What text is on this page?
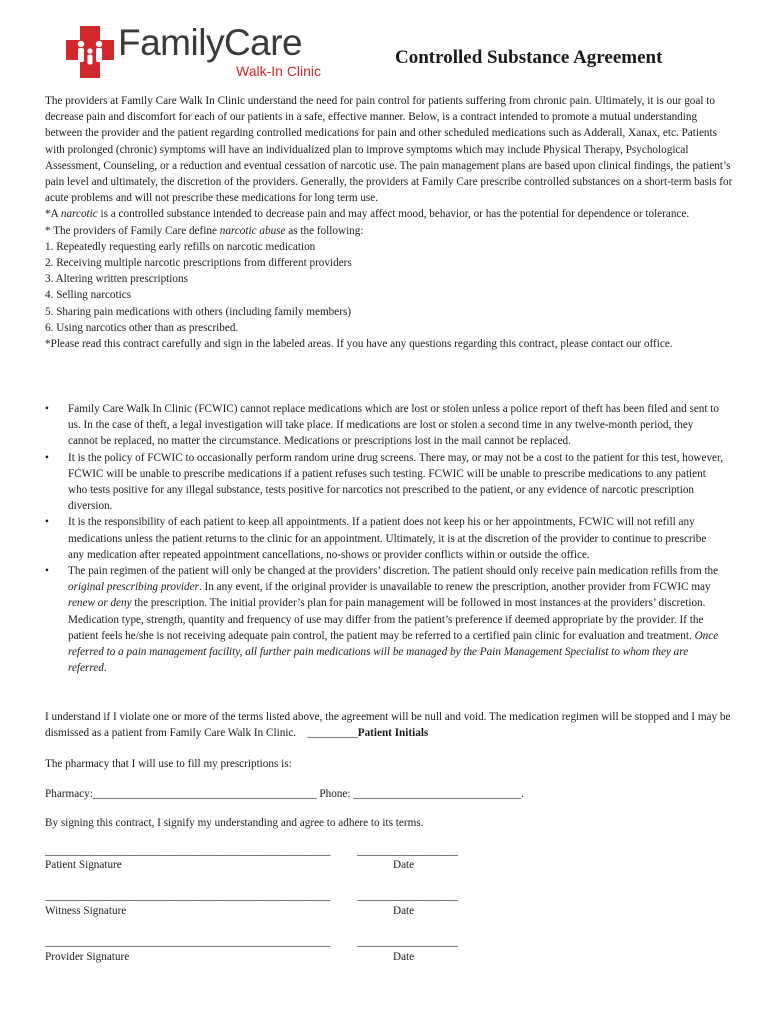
FamilyCare
Walk-In Clinic
Controlled Substance Agreement

The providers at Family Care Walk In Clinic understand the need for pain control for patients suffering from chronic pain. Ultimately, it is our goal to decrease pain and discomfort for each of our patients in a safe, effective manner. Below, is a contract intended to promote a mutual understanding between the provider and the patient regarding controlled medications for pain and other scheduled medications such as Adderall, Xanax, etc. Patients with prolonged (chronic) symptoms will have an individualized plan to improve symptoms which may include Physical Therapy, Psychological Assessment, Counseling, or a reduction and eventual cessation of narcotic use. The pain management plans are based upon clinical findings, the patient’s pain level and ultimately, the discretion of the providers. Generally, the providers at Family Care prescribe controlled substances on a short-term basis for acute problems and will not prescribe these medications for long term use.

*A narcotic is a controlled substance intended to decrease pain and may affect mood, behavior, or has the potential for dependence or tolerance.

* The providers of Family Care define narcotic abuse as the following:

1. Repeatedly requesting early refills on narcotic medication

2. Receiving multiple narcotic prescriptions from different providers

3. Altering written prescriptions

4. Selling narcotics

5. Sharing pain medications with others (including family members)

6. Using narcotics other than as prescribed.

*Please read this contract carefully and sign in the labeled areas. If you have any questions regarding this contract, please contact our office.

•	Family Care Walk In Clinic (FCWIC) cannot replace medications which are lost or stolen unless a police report of theft has been filed and sent to us. In the case of theft, a legal investigation will take place. If medications are lost or stolen a second time in any twelve-month period, they cannot be replaced, no matter the circumstance. Medications or prescriptions lost in the mail cannot be replaced.

•	It is the policy of FCWIC to occasionally perform random urine drug screens. There may, or may not be a cost to the patient for this test, however, FCWIC will be unable to prescribe medications if a patient refuses such testing. FCWIC will be unable to prescribe medications to any patient who tests positive for any illegal substance, tests positive for narcotics not prescribed to the patient, or any evidence of narcotic prescription diversion.

•	It is the responsibility of each patient to keep all appointments. If a patient does not keep his or her appointments, FCWIC will not refill any medications unless the patient returns to the clinic for an appointment. Ultimately, it is at the discretion of the provider to continue to prescribe any medication after repeated appointment cancellations, no-shows or provider conflicts within or outside the office.

•	The pain regimen of the patient will only be changed at the providers’ discretion. The patient should only receive pain medication refills from the original prescribing provider. In any event, if the original provider is unavailable to renew the prescription, another provider from FCWIC may renew or deny the prescription. The initial provider’s plan for pain management will be followed in most instances at the providers’ discretion. Medication type, strength, quantity and frequency of use may differ from the patient’s preference if deemed appropriate by the provider. If the patient feels he/she is not receiving adequate pain control, the patient may be referred to a certified pain clinic for evaluation and treatment. Once referred to a pain management facility, all further pain medications will be managed by the Pain Management Specialist to whom they are referred.

I understand if I violate one or more of the terms listed above, the agreement will be null and void. The medication regimen will be stopped and I may be dismissed as a patient from Family Care Walk In Clinic. _________Patient Initials
The pharmacy that I will use to fill my prescriptions is:
Pharmacy:________________________________________ Phone: ______________________________.
By signing this contract, I signify my understanding and agree to adhere to its terms.
___________________________________________________ __________________
Patient Signature	Date
___________________________________________________ __________________
Witness Signature	Date
___________________________________________________ __________________
Provider Signature	Date
